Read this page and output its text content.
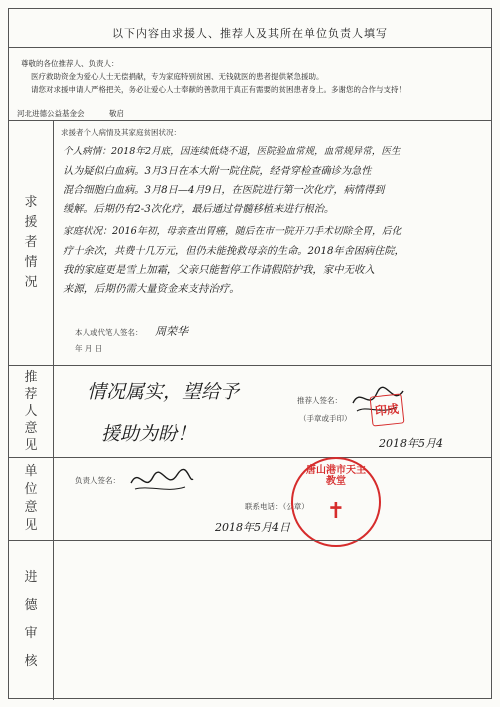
以下内容由求援人、推荐人及其所在单位负责人填写
尊敬的各位推荐人、负责人：
医疗救助资金为爱心人士无偿捐献，专为家庭特别贫困、无钱就医的患者提供紧急援助。
请您对求援申请人严格把关，务必让爱心人士奉献的善款用于真正有需要的贫困患者身上。多谢您的合作与支持！
河北进德公益基金会	敬启
求
援
者
情
况
求援者个人病情及其家庭贫困状况：
个人病情：2018年2月底，因连续低烧不退，医院验血常规，血常规异常，医生
认为疑似白血病。3月3日在本大附一院住院，经骨穿检查确诊为急性
混合细胞白血病。3月8日—4月9日，在医院进行第一次化疗，病情得到
缓解。后期仍有2-3次化疗，最后通过骨髓移植来进行根治。
家庭状况：2016年初，母亲查出胃癌，随后在市一院开刀手术切除全胃，后化
疗十余次，共费十几万元，但仍未能挽救母亲的生命。2018年舍困病住院，
我的家庭更是雪上加霜，父亲只能暂停工作请假陪护我，家中无收入
来源，后期仍需大量资金来支持治疗。
本人或代笔人签名： 周荣华
年 月 日
推
荐
人
意
见
情况属实，望给予
援助为盼！
推荐人签名：
（手章或手印）
印成
2018年5月4
单
位
意
见
负责人签名：
联系电话：（公章）
唐山港市天主教堂
✝
2018年5月4日
进
德
审
核
